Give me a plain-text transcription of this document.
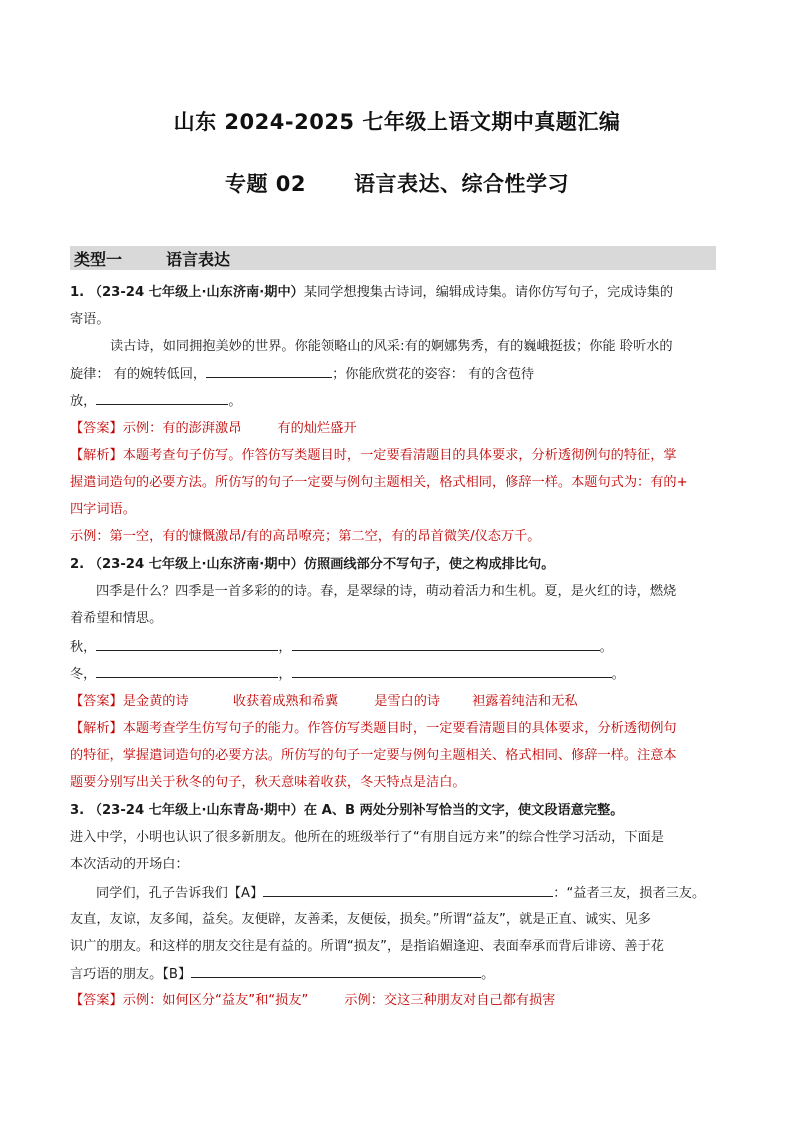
山东 2024-2025 七年级上语文期中真题汇编
专题 02 语言表达、综合性学习
类型一	语言表达
1. （23-24 七年级上·山东济南·期中）某同学想搜集古诗词，编辑成诗集。请你仿写句子，完成诗集的
寄语。
读古诗，如同拥抱美妙的世界。你能领略山的风采:有的婀娜隽秀，有的巍峨挺拔；你能 聆听水的
旋律： 有的婉转低回，	；你能欣赏花的姿容： 有的含苞待
放，	。
【答案】示例：有的澎湃激昂	有的灿烂盛开
【解析】本题考查句子仿写。作答仿写类题目时，一定要看清题目的具体要求，分析透彻例句的特征，掌
握遣词造句的必要方法。所仿写的句子一定要与例句主题相关，格式相同，修辞一样。本题句式为：有的+
四字词语。
示例：第一空，有的慷慨激昂/有的高昂嘹亮；第二空，有的昂首微笑/仪态万千。
2. （23-24 七年级上·山东济南·期中）仿照画线部分不写句子，使之构成排比句。
四季是什么？四季是一首多彩的的诗。春，是翠绿的诗，萌动着活力和生机。夏，是火红的诗，燃烧
着希望和情思。
秋，	，	。
冬，	，	。
【答案】是金黄的诗	收获着成熟和希冀	是雪白的诗 袒露着纯洁和无私
【解析】本题考查学生仿写句子的能力。作答仿写类题目时，一定要看清题目的具体要求，分析透彻例句
的特征，掌握遣词造句的必要方法。所仿写的句子一定要与例句主题相关、格式相同、修辞一样。注意本
题要分别写出关于秋冬的句子，秋天意味着收获，冬天特点是洁白。
3. （23-24 七年级上·山东青岛·期中）在 A、B 两处分别补写恰当的文字，使文段语意完整。
进入中学，小明也认识了很多新朋友。他所在的班级举行了“有朋自远方来”的综合性学习活动，下面是
本次活动的开场白：
同学们，孔子告诉我们【A】	：“益者三友，损者三友。
友直，友谅，友多闻，益矣。友便辟，友善柔，友便佞，损矣。”所谓“益友”，就是正直、诚实、见多
识广的朋友。和这样的朋友交往是有益的。所谓“损友”，是指谄媚逢迎、表面奉承而背后诽谤、善于花
言巧语的朋友。【B】	。
【答案】示例：如何区分“益友”和“损友”	示例：交这三种朋友对自己都有损害
